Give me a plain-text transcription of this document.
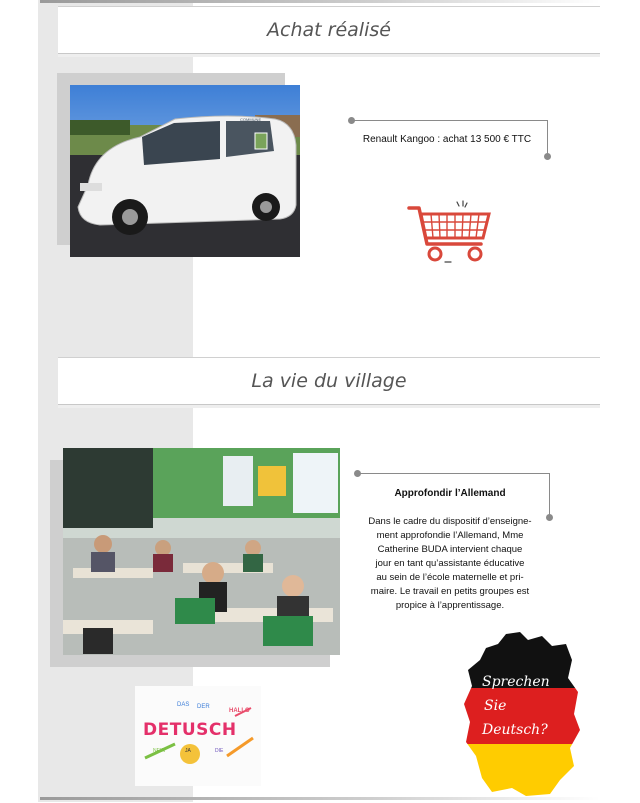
Achat réalisé
COMMUNE
Renault Kangoo : achat 13 500 € TTC
La vie du village
Approfondir l’Allemand
Dans le cadre du dispositif d’enseigne-
ment approfondie l’Allemand, Mme
Catherine BUDA intervient chaque
jour en tant qu’assistante éducative
au sein de l’école maternelle et pri-
maire. Le travail en petits groupes est
propice à l’apprentissage.
DETUSCH
DAS DER
HALLO
JA
NEIN	DIE
Sprechen
Sie
Deutsch?
